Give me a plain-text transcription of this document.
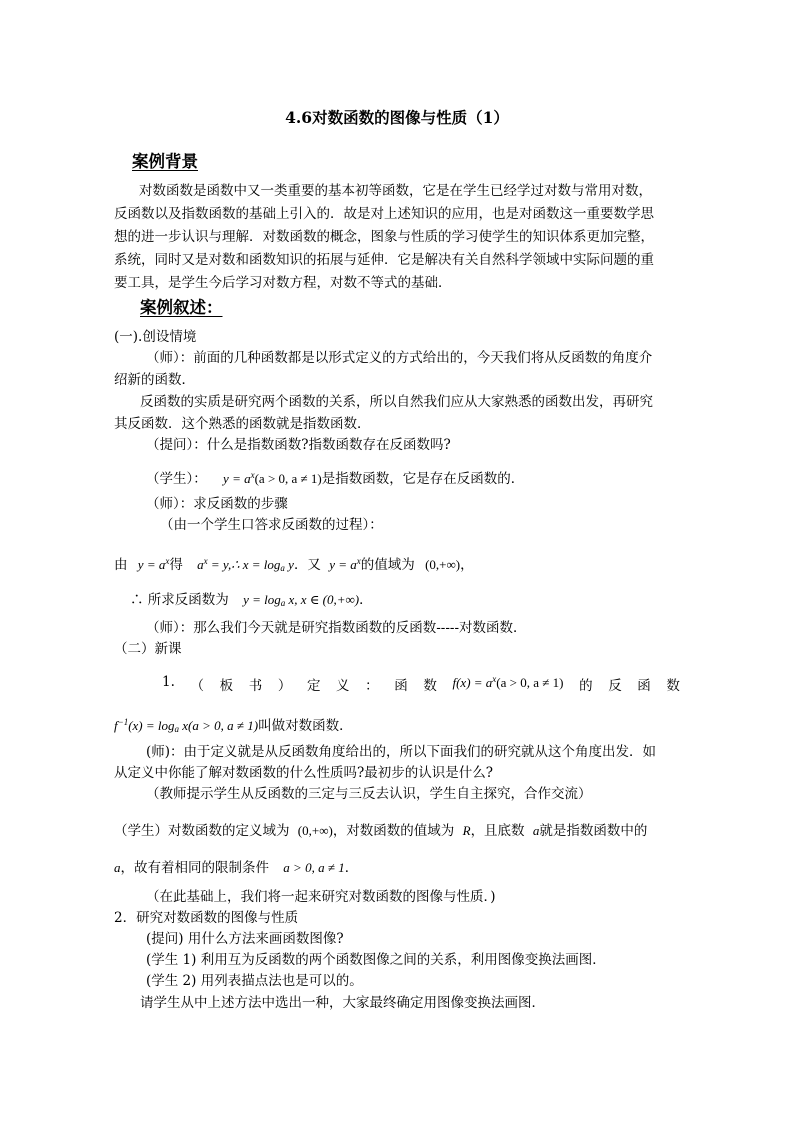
4.6对数函数的图像与性质（1）
案例背景
对数函数是函数中又一类重要的基本初等函数，它是在学生已经学过对数与常用对数，
反函数以及指数函数的基础上引入的．故是对上述知识的应用，也是对函数这一重要数学思
想的进一步认识与理解．对数函数的概念，图象与性质的学习使学生的知识体系更加完整，
系统，同时又是对数和函数知识的拓展与延伸．它是解决有关自然科学领域中实际问题的重
要工具，是学生今后学习对数方程，对数不等式的基础．
案例叙述：
(一).创设情境
（师）：前面的几种函数都是以形式定义的方式给出的，今天我们将从反函数的角度介
绍新的函数．
反函数的实质是研究两个函数的关系，所以自然我们应从大家熟悉的函数出发，再研究
其反函数．这个熟悉的函数就是指数函数．
（提问）：什么是指数函数?指数函数存在反函数吗?
（学生）： $y = a^x(a > 0$, a ≠ 1)是指数函数，它是存在反函数的．
（师）：求反函数的步骤
（由一个学生口答求反函数的过程）：
由 $y = a^x$得 $a^x$ = y,∴ $x = \log_a y$．又 $y = a^x$的值域为 (0,+∞)，
∴ 所求反函数为 $y = \log_a x$, x ∈ (0,+∞)．
（师）：那么我们今天就是研究指数函数的反函数-----对数函数．
（二）新课
1. （ 板 书 ） 定 义 ： 函 数 $f(x) = a^x(a > 0$, a ≠ 1) 的 反 函 数
$f^{-1}(x) = \log_a x(a > 0$, a ≠ 1)叫做对数函数．
(师)：由于定义就是从反函数角度给出的，所以下面我们的研究就从这个角度出发．如
从定义中你能了解对数函数的什么性质吗?最初步的认识是什么?
（教师提示学生从反函数的三定与三反去认识，学生自主探究，合作交流）
（学生）对数函数的定义域为 (0,+∞)，对数函数的值域为 R，且底数 a就是指数函数中的
a，故有着相同的限制条件 a > 0, a ≠ 1．
（在此基础上，我们将一起来研究对数函数的图像与性质．)
2．研究对数函数的图像与性质
(提问) 用什么方法来画函数图像?
(学生 1) 利用互为反函数的两个函数图像之间的关系，利用图像变换法画图．
(学生 2) 用列表描点法也是可以的。
请学生从中上述方法中选出一种，大家最终确定用图像变换法画图．
